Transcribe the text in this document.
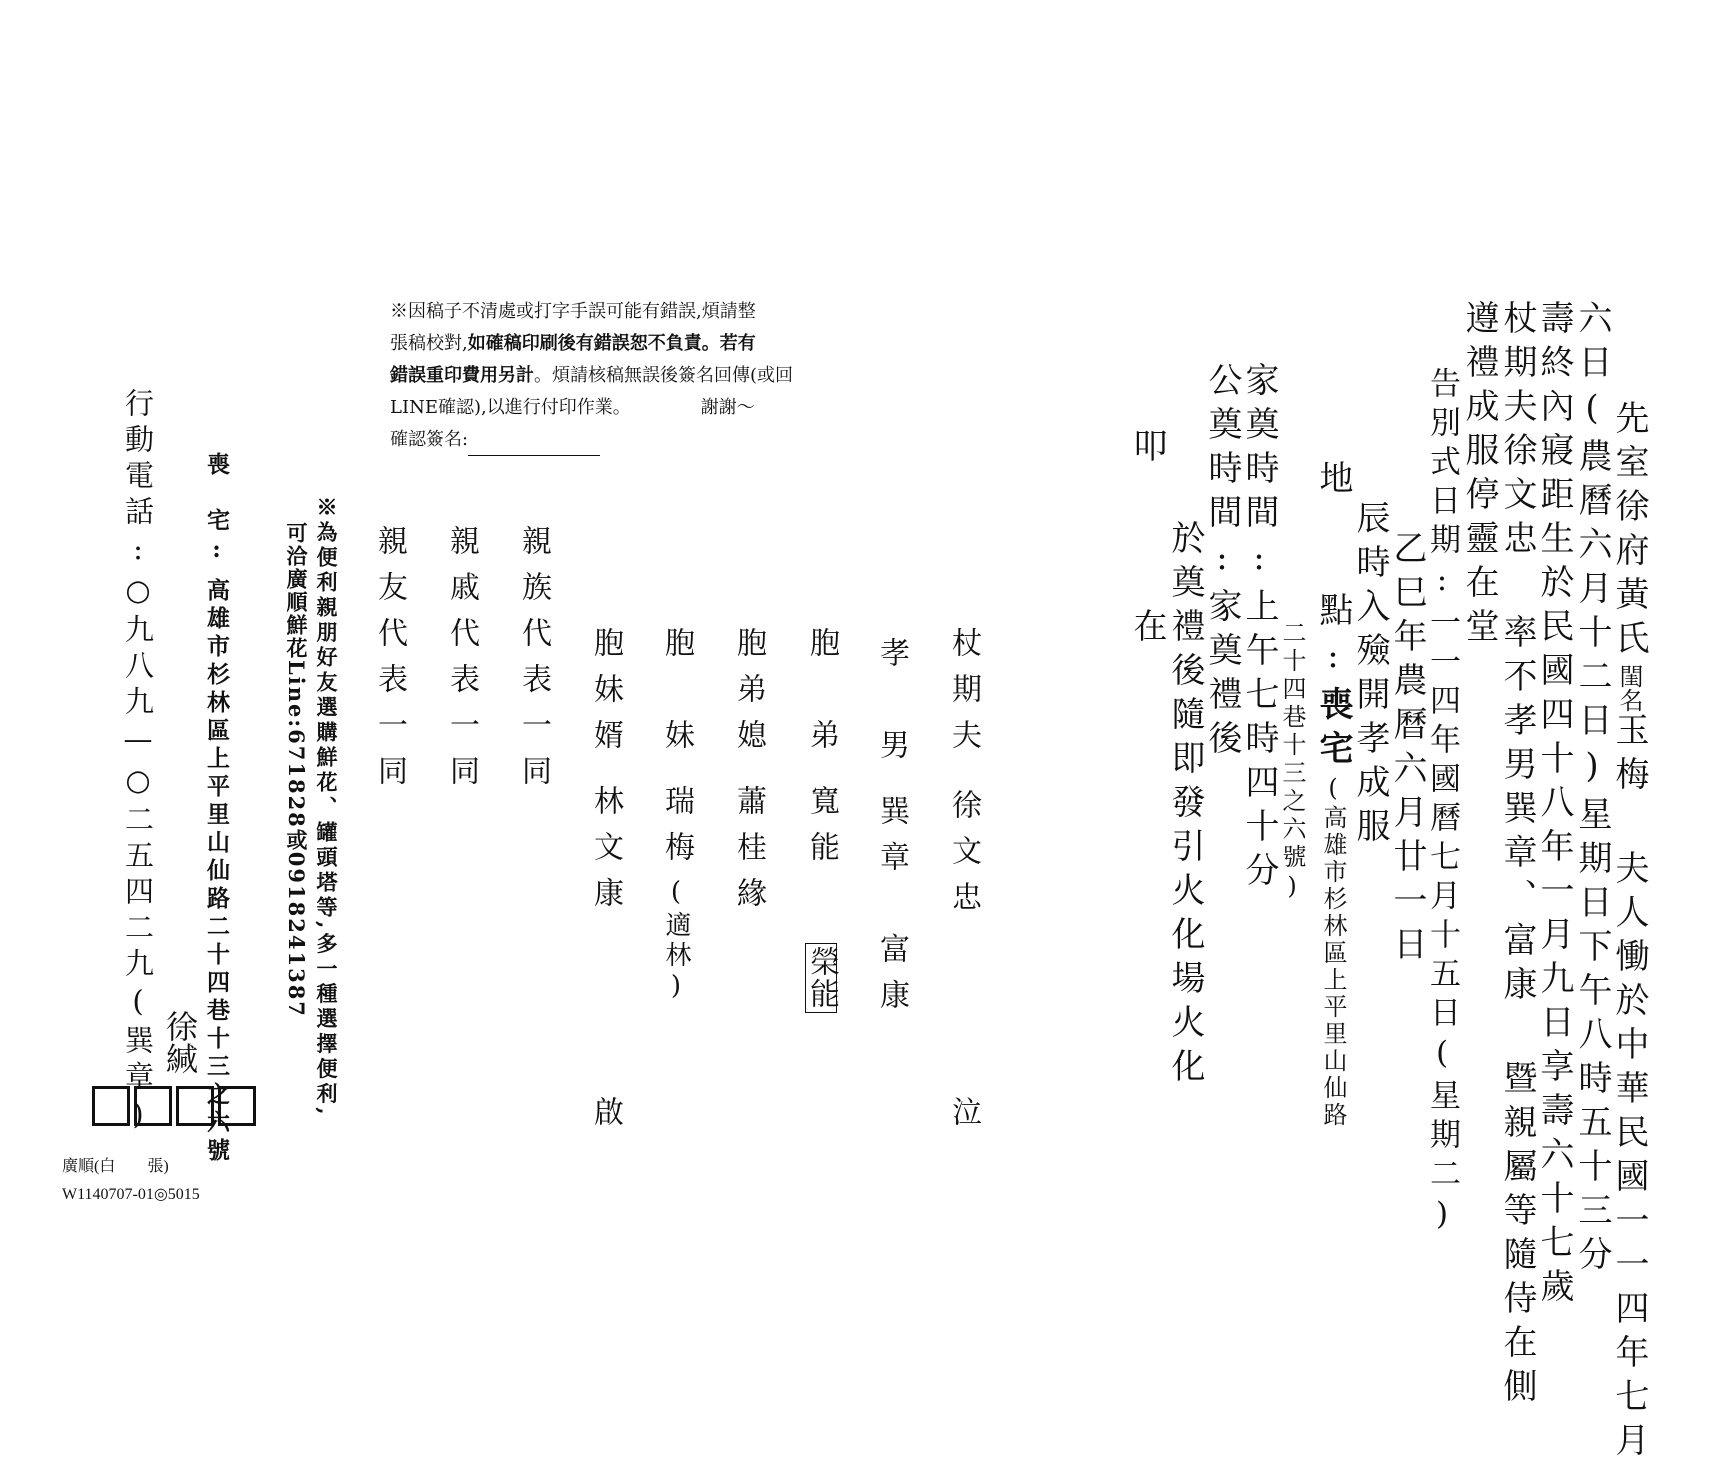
先室徐府黃氏閨名玉梅 夫人慟於中華民國一一四年七月

六日(農曆六月十二日)星期日下午八時五十三分
壽終內寢距生於民國四十八年一月九日享壽六十七歲
杖期夫徐文忠 率不孝男巽章、富康 暨親屬等隨侍在側
遵禮成服停靈在堂
告別式日期:一一四年國曆七月十五日(星期二)
乙巳年農曆六月廿一日
辰時入殮開孝成服

地　　點:喪宅(高雄市杉林區上平里山仙路

二十四巷十三之六號)
家奠時間:上午七時四十分
公奠時間:家奠禮後
於奠禮後隨即發引火化場火化
叩　在

杖期夫徐文忠

孝　男巽章　富康

胞　弟寬能榮能

胞弟媳蕭桂緣

胞　妹瑞梅(適林)

胞妹婿林文康

親族代表一同
親戚代表一同
親友代表一同
泣
啟

※因稿子不清處或打字手誤可能有錯誤,煩請整

張稿校對,如確稿印刷後有錯誤恕不負責。若有

錯誤重印費用另計。煩請核稿無誤後簽名回傳(或回

LINE確認),以進行付印作業。	謝謝～

確認簽名:

※為便利親朋好友選購鮮花、罐頭塔等,多一種選擇便利,
可洽廣順鮮花Line:671828或0918241387

喪　宅:高雄市杉林區上平里山仙路二十四巷十三之六號

行動電話:○九八九—○二五四二九(巽章) 徐緘
廣順(白　　張)
W1140707-01◎5015
